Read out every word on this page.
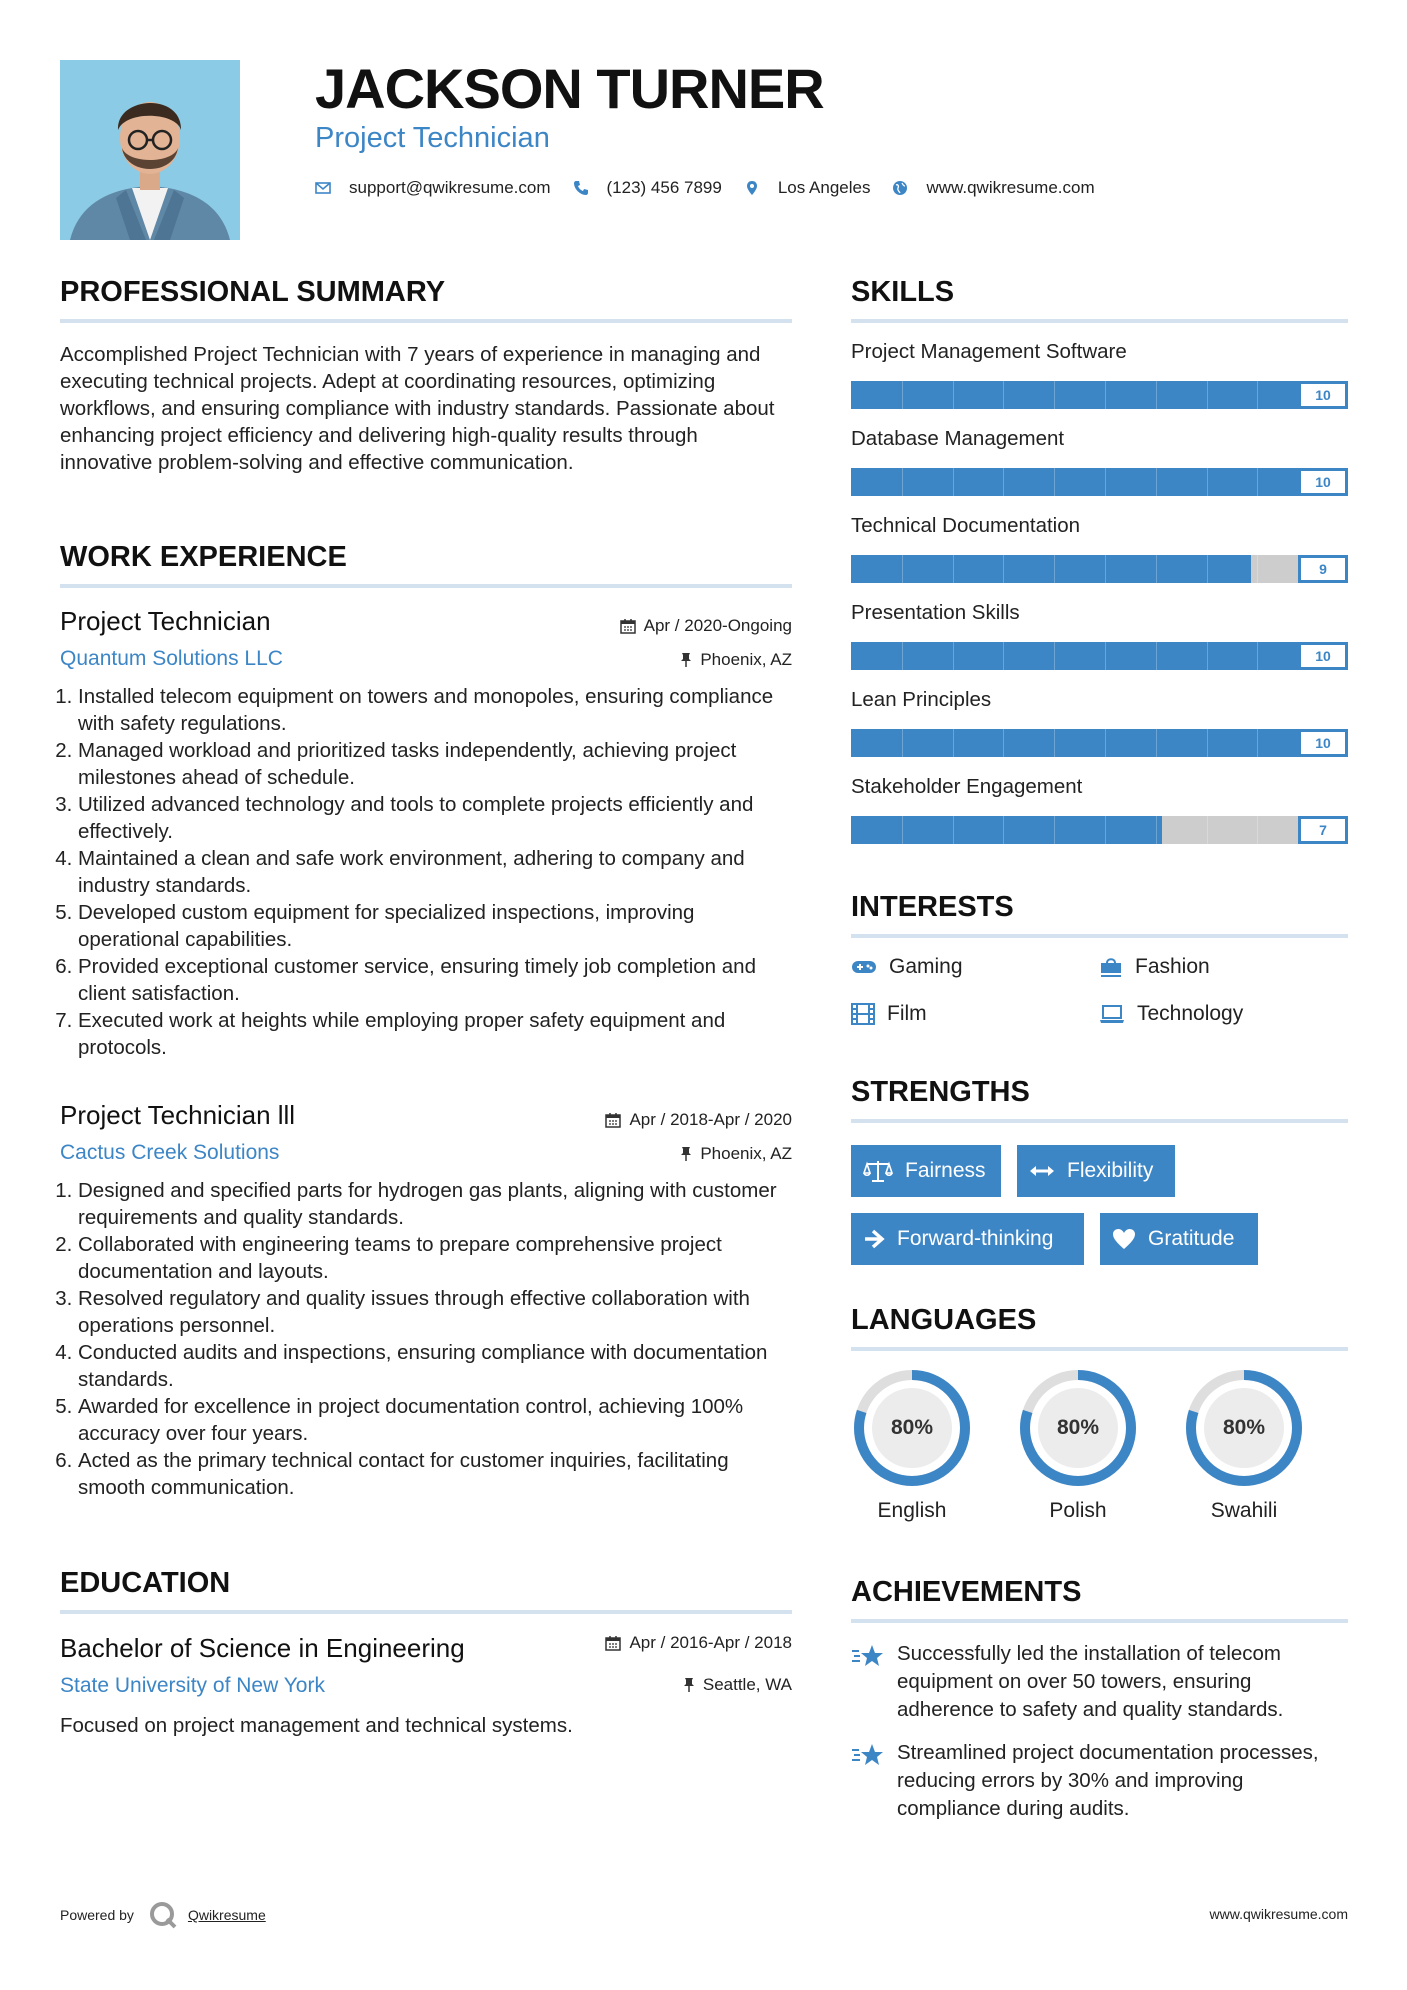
JACKSON TURNER
Project Technician
support@qwikresume.com	(123) 456 7899	Los Angeles	www.qwikresume.com
PROFESSIONAL SUMMARY
Accomplished Project Technician with 7 years of experience in managing and executing technical projects. Adept at coordinating resources, optimizing workflows, and ensuring compliance with industry standards. Passionate about enhancing project efficiency and delivering high-quality results through innovative problem-solving and effective communication.
WORK EXPERIENCE
Project Technician
Quantum Solutions LLC
Apr / 2020-Ongoing
Phoenix, AZ
1. Installed telecom equipment on towers and monopoles, ensuring compliance with safety regulations.
2. Managed workload and prioritized tasks independently, achieving project milestones ahead of schedule.
3. Utilized advanced technology and tools to complete projects efficiently and effectively.
4. Maintained a clean and safe work environment, adhering to company and industry standards.
5. Developed custom equipment for specialized inspections, improving operational capabilities.
6. Provided exceptional customer service, ensuring timely job completion and client satisfaction.
7. Executed work at heights while employing proper safety equipment and protocols.
Project Technician lll
Cactus Creek Solutions
Apr / 2018-Apr / 2020
Phoenix, AZ
1. Designed and specified parts for hydrogen gas plants, aligning with customer requirements and quality standards.
2. Collaborated with engineering teams to prepare comprehensive project documentation and layouts.
3. Resolved regulatory and quality issues through effective collaboration with operations personnel.
4. Conducted audits and inspections, ensuring compliance with documentation standards.
5. Awarded for excellence in project documentation control, achieving 100% accuracy over four years.
6. Acted as the primary technical contact for customer inquiries, facilitating smooth communication.
EDUCATION
Bachelor of Science in Engineering
State University of New York
Apr / 2016-Apr / 2018
Seattle, WA
Focused on project management and technical systems.
SKILLS
Project Management Software
10
Database Management
10
Technical Documentation
9
Presentation Skills
10
Lean Principles
10
Stakeholder Engagement
7
INTERESTS
Gaming	Fashion
Film	Technology
STRENGTHS
Fairness	Flexibility
Forward-thinking	Gratitude
LANGUAGES
80%
English
80%
Polish
80%
Swahili
ACHIEVEMENTS
Successfully led the installation of telecom equipment on over 50 towers, ensuring adherence to safety and quality standards.
Streamlined project documentation processes, reducing errors by 30% and improving compliance during audits.
Powered by	Qwikresume	www.qwikresume.com
